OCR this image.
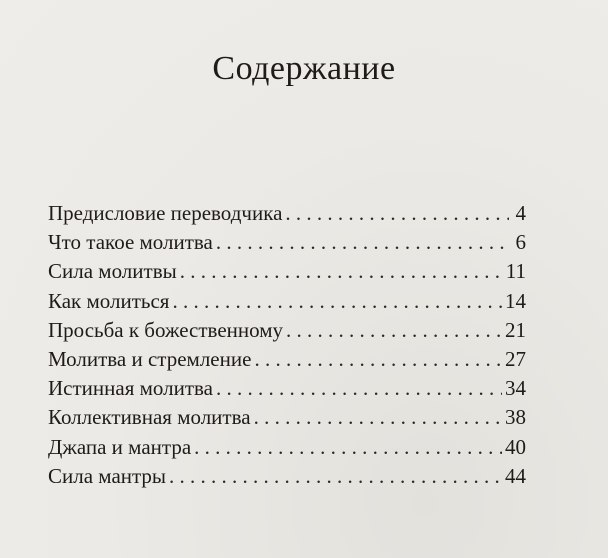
Содержание
Предисловие переводчика . . .	4
Что такое молитва . . .	6
Сила молитвы . . .	11
Как молиться . . .	14
Просьба к божественному . . .	21
Молитва и стремление . . .	27
Истинная молитва . . .	34
Коллективная молитва . . .	38
Джапа и мантра . . .	40
Сила мантры . . .	44
